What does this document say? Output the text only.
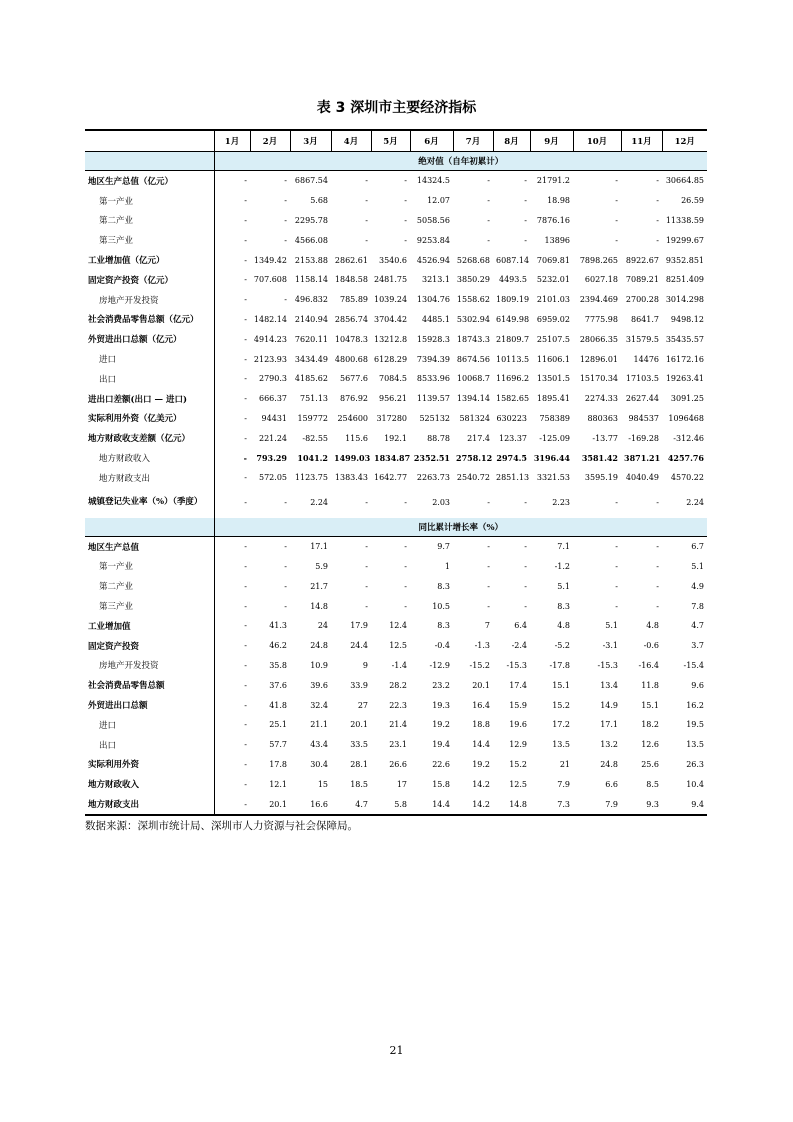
表 3 深圳市主要经济指标
	1月	2月	3月	4月	5月	6月	7月	8月	9月	10月	11月	12月
	绝对值（自年初累计）											
地区生产总值（亿元）	-	-	6867.54	-	-	14324.5	-	-	21791.2	-	-	30664.85
第一产业	-	-	5.68	-	-	12.07	-	-	18.98	-	-	26.59
第二产业	-	-	2295.78	-	-	5058.56	-	-	7876.16	-	-	11338.59
第三产业	-	-	4566.08	-	-	9253.84	-	-	13896	-	-	19299.67
工业增加值（亿元）	-	1349.42	2153.88	2862.61	3540.6	4526.94	5268.68	6087.14	7069.81	7898.265	8922.67	9352.851
固定资产投资（亿元）	-	707.608	1158.14	1848.58	2481.75	3213.1	3850.29	4493.5	5232.01	6027.18	7089.21	8251.409
房地产开发投资	-	-	496.832	785.89	1039.24	1304.76	1558.62	1809.19	2101.03	2394.469	2700.28	3014.298
社会消费品零售总额（亿元）	-	1482.14	2140.94	2856.74	3704.42	4485.1	5302.94	6149.98	6959.02	7775.98	8641.7	9498.12
外贸进出口总额（亿元）	-	4914.23	7620.11	10478.3	13212.8	15928.3	18743.3	21809.7	25107.5	28066.35	31579.5	35435.57
进口	-	2123.93	3434.49	4800.68	6128.29	7394.39	8674.56	10113.5	11606.1	12896.01	14476	16172.16
出口	-	2790.3	4185.62	5677.6	7084.5	8533.96	10068.7	11696.2	13501.5	15170.34	17103.5	19263.41
进出口差额(出口 — 进口)	-	666.37	751.13	876.92	956.21	1139.57	1394.14	1582.65	1895.41	2274.33	2627.44	3091.25
实际利用外资（亿美元）	-	94431	159772	254600	317280	525132	581324	630223	758389	880363	984537	1096468
地方财政收支差额（亿元）	-	221.24	-82.55	115.6	192.1	88.78	217.4	123.37	-125.09	-13.77	-169.28	-312.46
地方财政收入	-	793.29	1041.2	1499.03	1834.87	2352.51	2758.12	2974.5	3196.44	3581.42	3871.21	4257.76
地方财政支出	-	572.05	1123.75	1383.43	1642.77	2263.73	2540.72	2851.13	3321.53	3595.19	4040.49	4570.22
城镇登记失业率（%）（季度）	-	-	2.24	-	-	2.03	-	-	2.23	-	-	2.24
	同比累计增长率（%）											
地区生产总值	-	-	17.1	-	-	9.7	-	-	7.1	-	-	6.7
第一产业	-	-	5.9	-	-	1	-	-	-1.2	-	-	5.1
第二产业	-	-	21.7	-	-	8.3	-	-	5.1	-	-	4.9
第三产业	-	-	14.8	-	-	10.5	-	-	8.3	-	-	7.8
工业增加值	-	41.3	24	17.9	12.4	8.3	7	6.4	4.8	5.1	4.8	4.7
固定资产投资	-	46.2	24.8	24.4	12.5	-0.4	-1.3	-2.4	-5.2	-3.1	-0.6	3.7
房地产开发投资	-	35.8	10.9	9	-1.4	-12.9	-15.2	-15.3	-17.8	-15.3	-16.4	-15.4
社会消费品零售总额	-	37.6	39.6	33.9	28.2	23.2	20.1	17.4	15.1	13.4	11.8	9.6
外贸进出口总额	-	41.8	32.4	27	22.3	19.3	16.4	15.9	15.2	14.9	15.1	16.2
进口	-	25.1	21.1	20.1	21.4	19.2	18.8	19.6	17.2	17.1	18.2	19.5
出口	-	57.7	43.4	33.5	23.1	19.4	14.4	12.9	13.5	13.2	12.6	13.5
实际利用外资	-	17.8	30.4	28.1	26.6	22.6	19.2	15.2	21	24.8	25.6	26.3
地方财政收入	-	12.1	15	18.5	17	15.8	14.2	12.5	7.9	6.6	8.5	10.4
地方财政支出	-	20.1	16.6	4.7	5.8	14.4	14.2	14.8	7.3	7.9	9.3	9.4
数据来源：深圳市统计局、深圳市人力资源与社会保障局。
21
